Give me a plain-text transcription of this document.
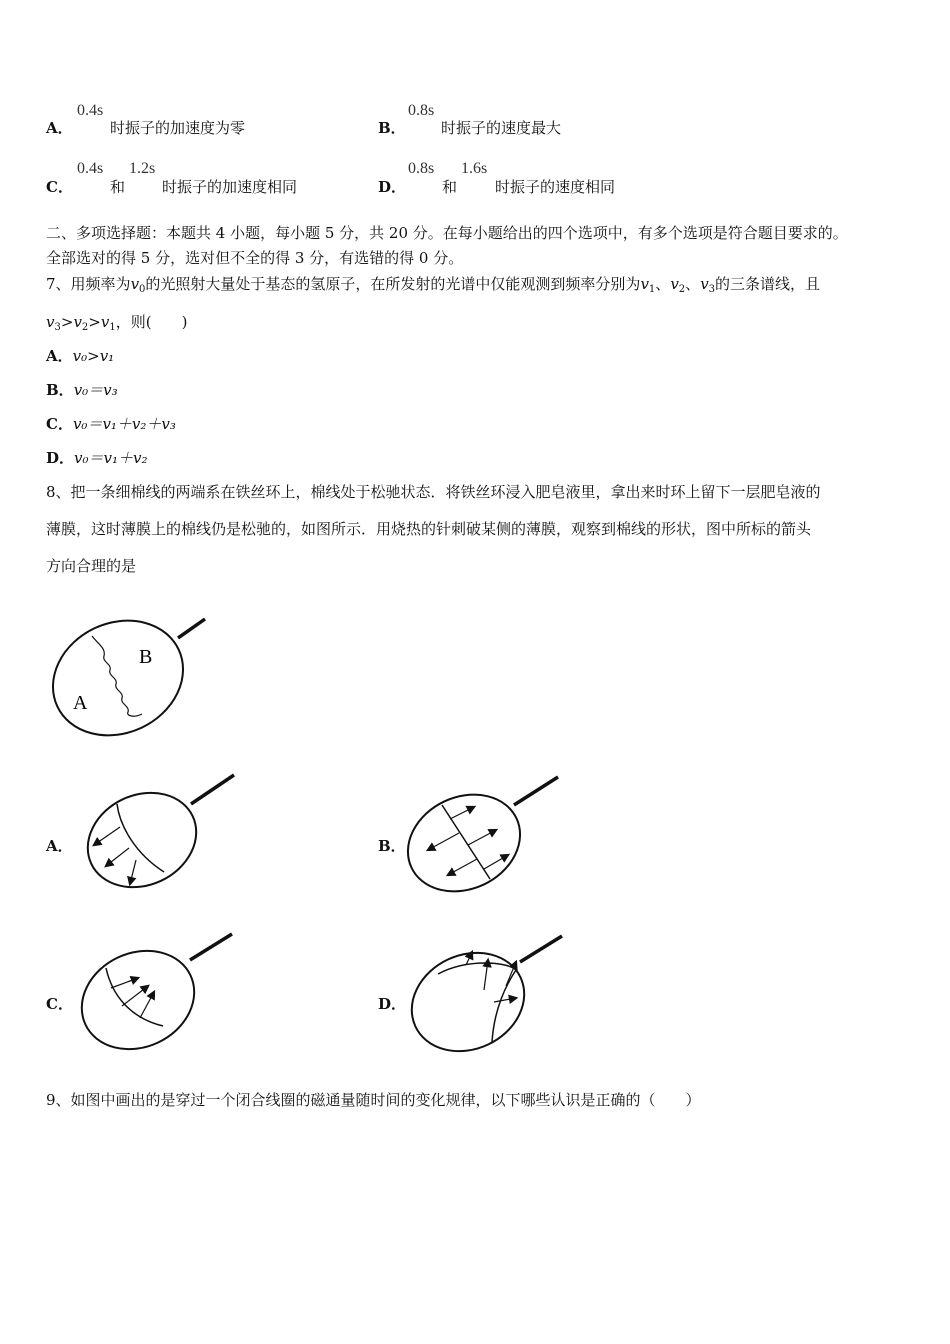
A．
0.4s
时振子的加速度为零	B．
0.8s
时振子的速度最大
C．
0.4s
和
1.2s
时振子的加速度相同	D．
0.8s
和
1.6s
时振子的速度相同
二、多项选择题：本题共 4 小题，每小题 5 分，共 20 分。在每小题给出的四个选项中，有多个选项是符合题目要求的。
全部选对的得 5 分，选对但不全的得 3 分，有选错的得 0 分。
7、用频率为$v_0$的光照射大量处于基态的氢原子，在所发射的光谱中仅能观测到频率分别为$v_1$、$v_2$、$v_3$的三条谱线，且
$v_3>v_2>v_1$，则(　　)
A．v₀>v₁
B．v₀＝v₃
C．v₀＝v₁＋v₂＋v₃
D．v₀＝v₁＋v₂
8、把一条细棉线的两端系在铁丝环上，棉线处于松驰状态．将铁丝环浸入肥皂液里，拿出来时环上留下一层肥皂液的
薄膜，这时薄膜上的棉线仍是松驰的，如图所示．用烧热的针刺破某侧的薄膜，观察到棉线的形状，图中所标的箭头
方向合理的是
B
A
A．	B．
C．	D．
9、如图中画出的是穿过一个闭合线圈的磁通量随时间的变化规律，以下哪些认识是正确的（　　）
